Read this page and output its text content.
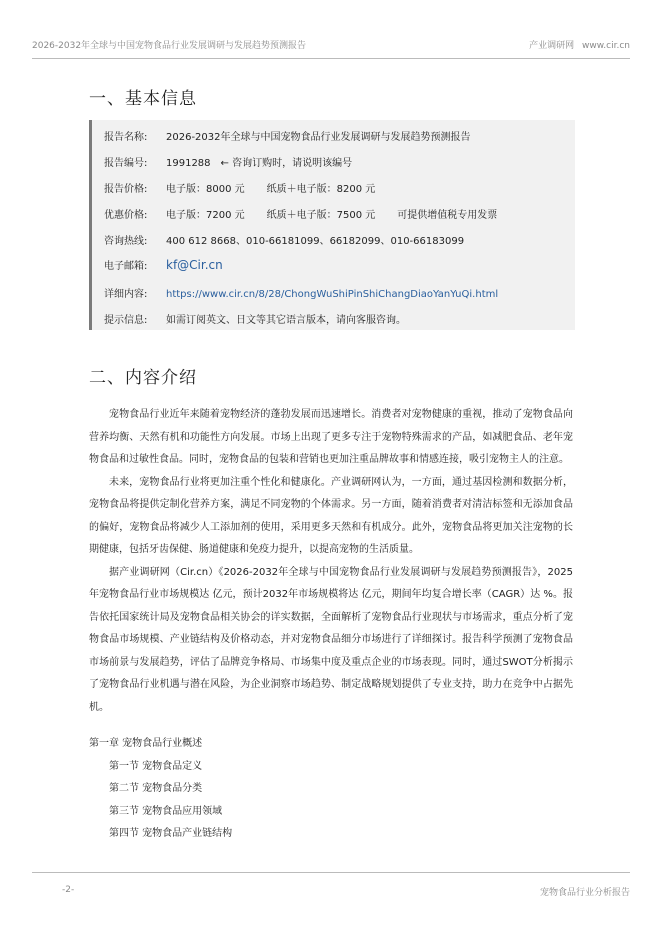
2026-2032年全球与中国宠物食品行业发展调研与发展趋势预测报告	产业调研网 www.cir.cn
一、基本信息
报告名称: 2026-2032年全球与中国宠物食品行业发展调研与发展趋势预测报告
报告编号: 1991288 ← 咨询订购时，请说明该编号
报告价格: 电子版：8000 元 纸质＋电子版：8200 元
优惠价格: 电子版：7200 元 纸质＋电子版：7500 元 可提供增值税专用发票
咨询热线: 400 612 8668、010-66181099、66182099、010-66183099
电子邮箱: kf@Cir.cn
详细内容: https://www.cir.cn/8/28/ChongWuShiPinShiChangDiaoYanYuQi.html
提示信息: 如需订阅英文、日文等其它语言版本，请向客服咨询。
二、内容介绍

宠物食品行业近年来随着宠物经济的蓬勃发展而迅速增长。消费者对宠物健康的重视，推动了宠物食品向营养均衡、天然有机和功能性方向发展。市场上出现了更多专注于宠物特殊需求的产品，如减肥食品、老年宠物食品和过敏性食品。同时，宠物食品的包装和营销也更加注重品牌故事和情感连接，吸引宠物主人的注意。

未来，宠物食品行业将更加注重个性化和健康化。产业调研网认为，一方面，通过基因检测和数据分析，宠物食品将提供定制化营养方案，满足不同宠物的个体需求。另一方面，随着消费者对清洁标签和无添加食品的偏好，宠物食品将减少人工添加剂的使用，采用更多天然和有机成分。此外，宠物食品将更加关注宠物的长期健康，包括牙齿保健、肠道健康和免疫力提升，以提高宠物的生活质量。

据产业调研网（Cir.cn）《2026-2032年全球与中国宠物食品行业发展调研与发展趋势预测报告》，2025年宠物食品行业市场规模达 亿元，预计2032年市场规模将达 亿元，期间年均复合增长率（CAGR）达 %。报告依托国家统计局及宠物食品相关协会的详实数据，全面解析了宠物食品行业现状与市场需求，重点分析了宠物食品市场规模、产业链结构及价格动态，并对宠物食品细分市场进行了详细探讨。报告科学预测了宠物食品市场前景与发展趋势，评估了品牌竞争格局、市场集中度及重点企业的市场表现。同时，通过SWOT分析揭示了宠物食品行业机遇与潜在风险，为企业洞察市场趋势、制定战略规划提供了专业支持，助力在竞争中占据先机。

第一章 宠物食品行业概述
第一节 宠物食品定义
第二节 宠物食品分类
第三节 宠物食品应用领域
第四节 宠物食品产业链结构
-2-	宠物食品行业分析报告
